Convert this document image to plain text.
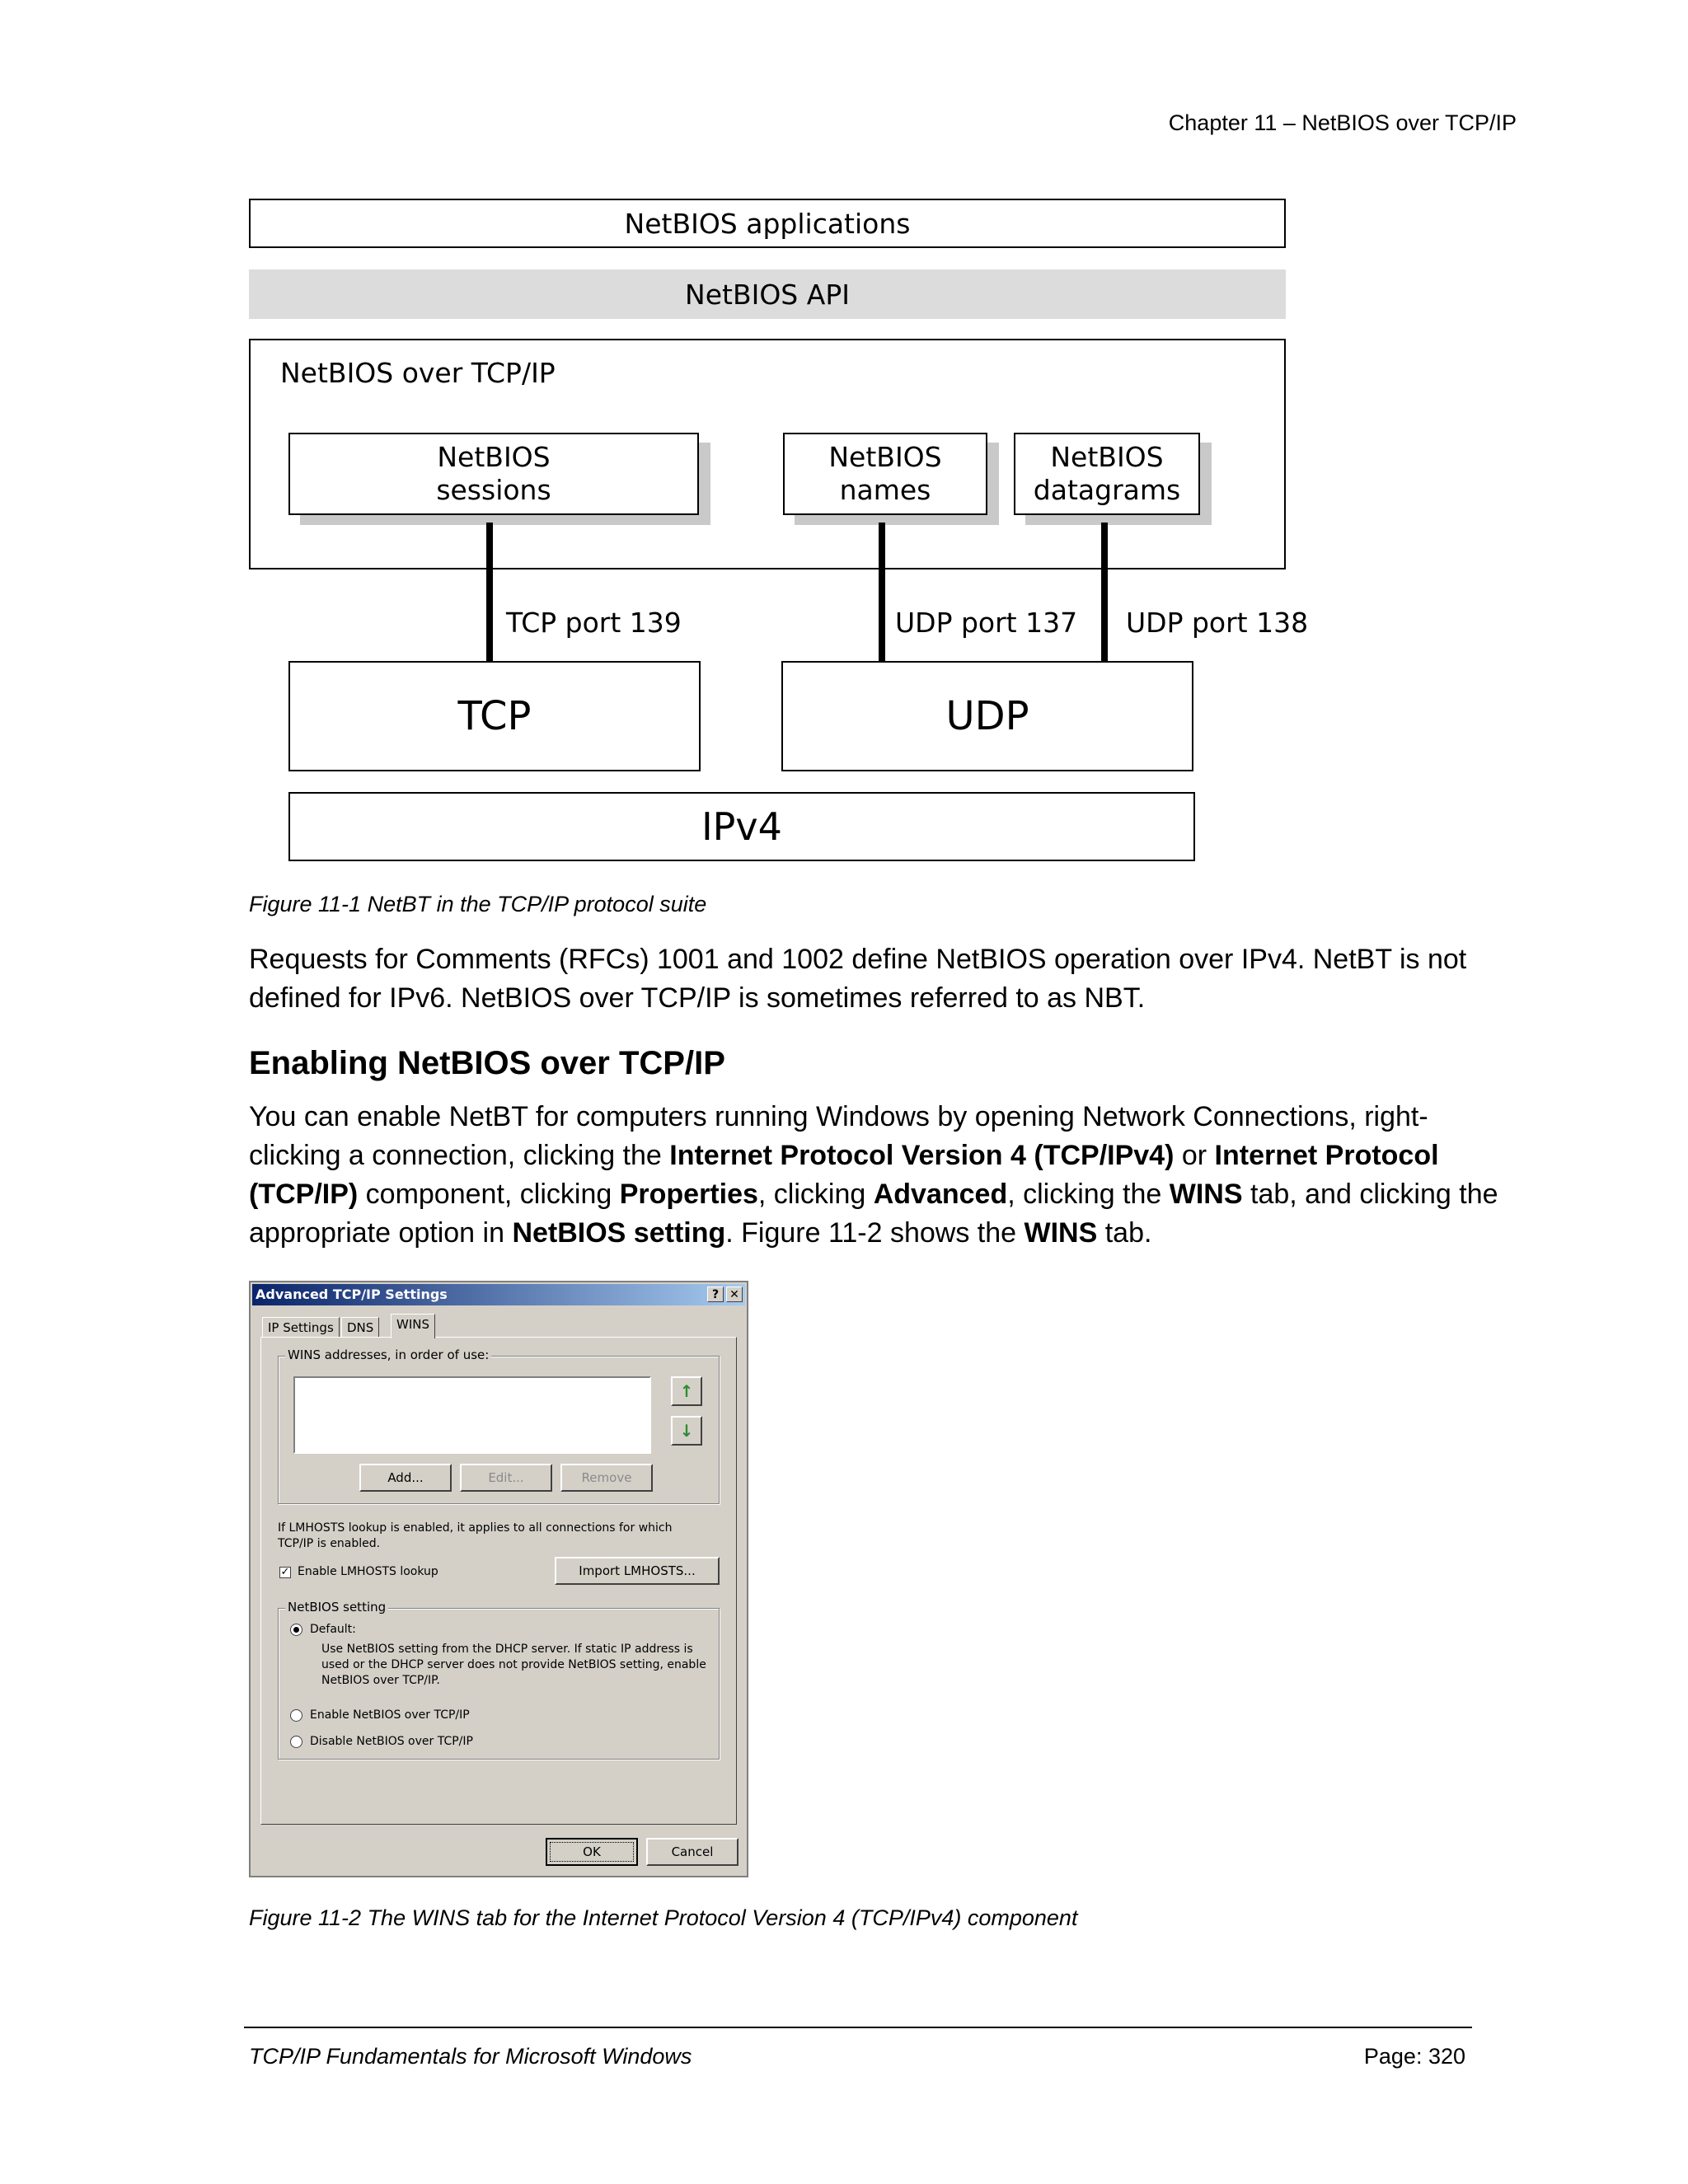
Chapter 11 – NetBIOS over TCP/IP
NetBIOS applications
NetBIOS API
NetBIOS over TCP/IP
NetBIOS
sessions
NetBIOS
names
NetBIOS
datagrams
TCP port 139	UDP port 137 UDP port 138
TCP	UDP
IPv4
Figure 11-1 NetBT in the TCP/IP protocol suite
Requests for Comments (RFCs) 1001 and 1002 define NetBIOS operation over IPv4. NetBT is not defined for IPv6. NetBIOS over TCP/IP is sometimes referred to as NBT.
Enabling NetBIOS over TCP/IP
You can enable NetBT for computers running Windows by opening Network Connections, right-clicking a connection, clicking the Internet Protocol Version 4 (TCP/IPv4) or Internet Protocol (TCP/IP) component, clicking Properties, clicking Advanced, clicking the WINS tab, and clicking the appropriate option in NetBIOS setting. Figure 11-2 shows the WINS tab.
Advanced TCP/IP Settings	? ✕
IP Settings	DNS	WINS
WINS addresses, in order of use:
↑
↓
Add...	Edit...	Remove
If LMHOSTS lookup is enabled, it applies to all connections for which TCP/IP is enabled.
✓ Enable LMHOSTS lookup	Import LMHOSTS...
NetBIOS setting
Default:
Use NetBIOS setting from the DHCP server. If static IP address is used or the DHCP server does not provide NetBIOS setting, enable NetBIOS over TCP/IP.
Enable NetBIOS over TCP/IP
Disable NetBIOS over TCP/IP
OK	Cancel
Figure 11-2 The WINS tab for the Internet Protocol Version 4 (TCP/IPv4) component
TCP/IP Fundamentals for Microsoft Windows	Page: 320
